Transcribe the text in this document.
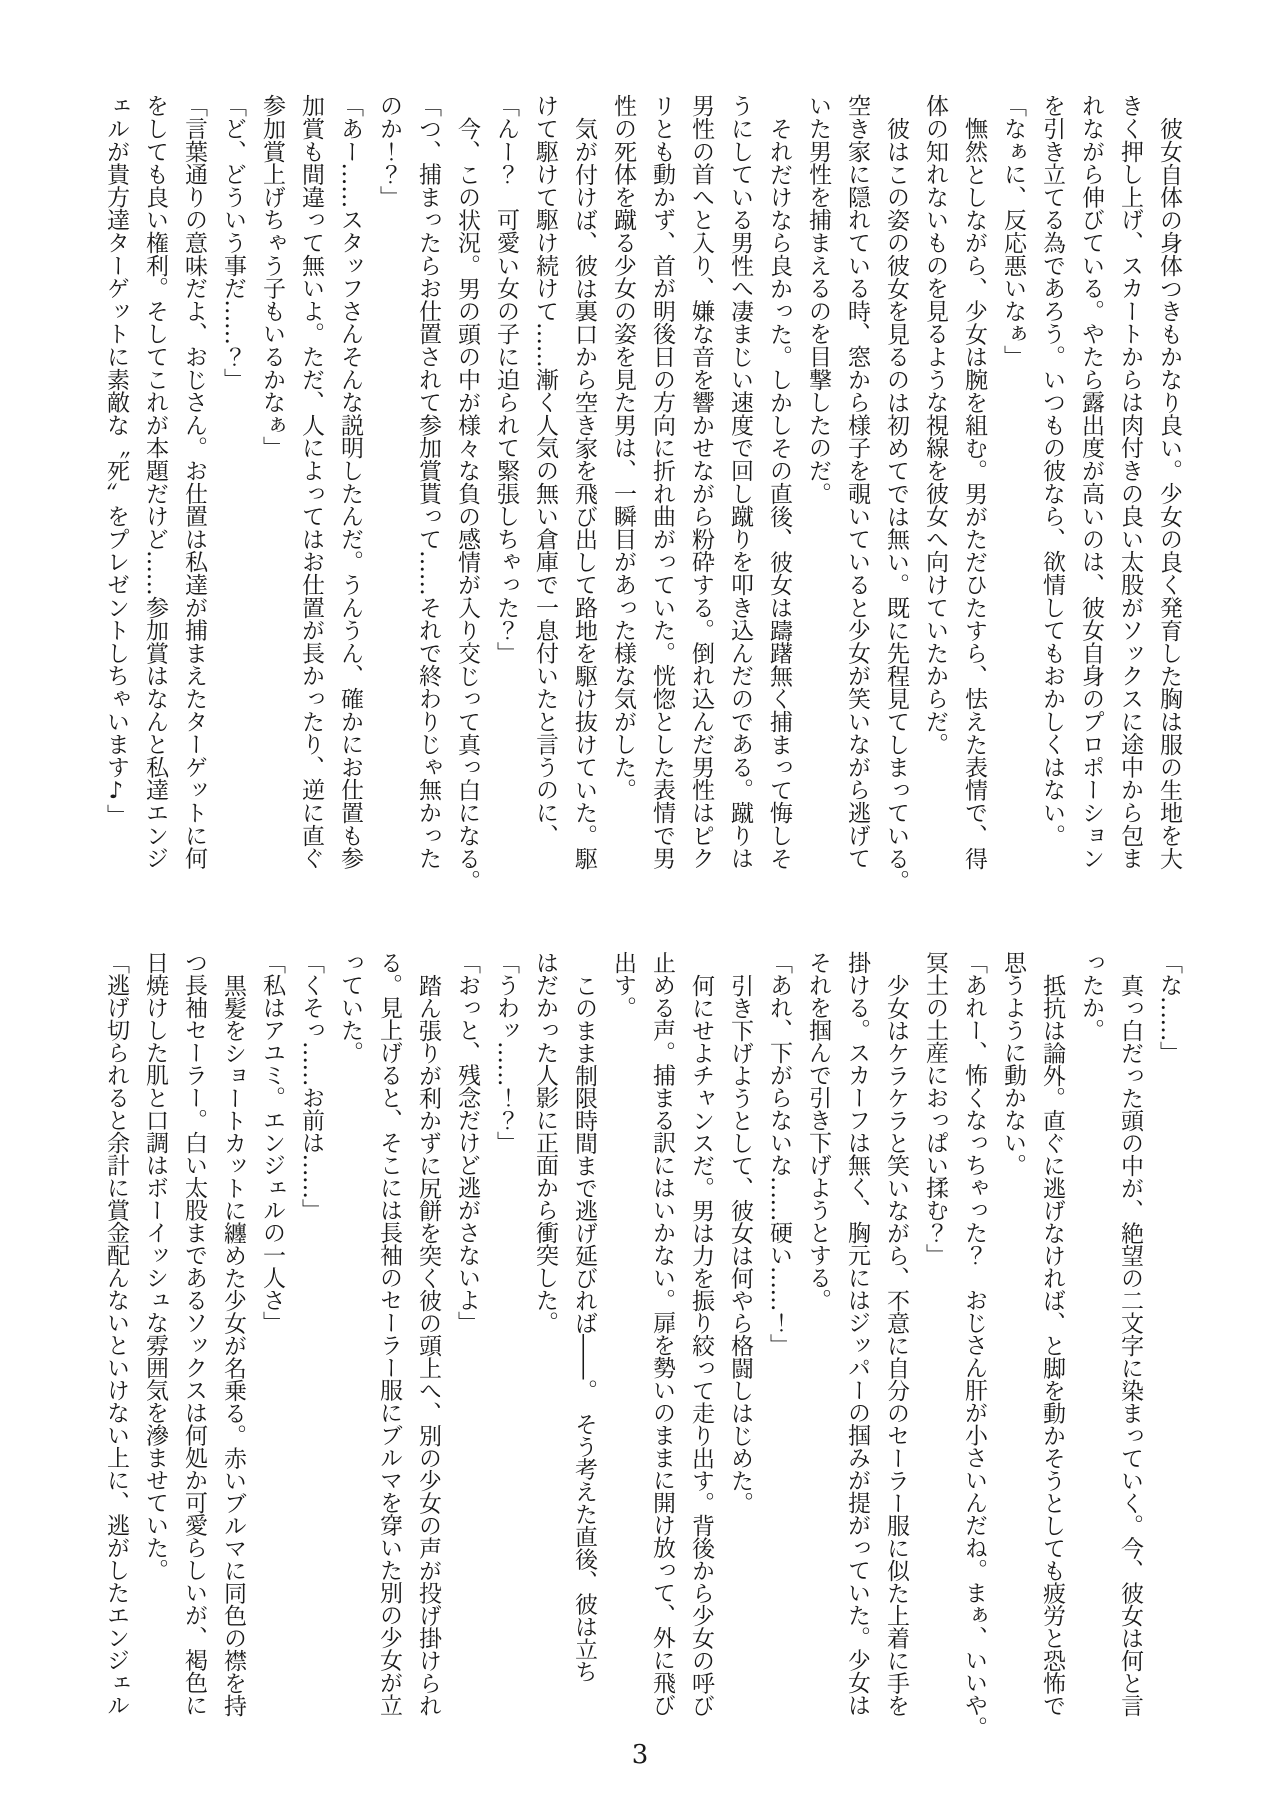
彼女自体の身体つきもかなり良い。少女の良く発育した胸は服の生地を大

きく押し上げ、スカートからは肉付きの良い太股がソックスに途中から包ま

れながら伸びている。やたら露出度が高いのは、彼女自身のプロポーション

を引き立てる為であろう。いつもの彼なら、欲情してもおかしくはない。

「なぁに、反応悪いなぁ」

憮然としながら、少女は腕を組む。男がただひたすら、怯えた表情で、得

体の知れないものを見るような視線を彼女へ向けていたからだ。

彼はこの姿の彼女を見るのは初めてでは無い。既に先程見てしまっている。

空き家に隠れている時、窓から様子を覗いていると少女が笑いながら逃げて

いた男性を捕まえるのを目撃したのだ。

それだけなら良かった。しかしその直後、彼女は躊躇無く捕まって悔しそ

うにしている男性へ凄まじい速度で回し蹴りを叩き込んだのである。蹴りは

男性の首へと入り、嫌な音を響かせながら粉砕する。倒れ込んだ男性はピク

リとも動かず、首が明後日の方向に折れ曲がっていた。恍惚とした表情で男

性の死体を蹴る少女の姿を見た男は、一瞬目があった様な気がした。

気が付けば、彼は裏口から空き家を飛び出して路地を駆け抜けていた。駆

けて駆けて駆け続けて……漸く人気の無い倉庫で一息付いたと言うのに、

「んー？　可愛い女の子に迫られて緊張しちゃった？」

今、この状況。男の頭の中が様々な負の感情が入り交じって真っ白になる。

「つ、捕まったらお仕置されて参加賞貰って……それで終わりじゃ無かった

のか！？」

「あー……スタッフさんそんな説明したんだ。うんうん、確かにお仕置も参

加賞も間違って無いよ。ただ、人によってはお仕置が長かったり、逆に直ぐ

参加賞上げちゃう子もいるかなぁ」

「ど、どういう事だ……？」

「言葉通りの意味だよ、おじさん。お仕置は私達が捕まえたターゲットに何

をしても良い権利。そしてこれが本題だけど……参加賞はなんと私達エンジ

ェルが貴方達ターゲットに素敵な〝死〟をプレゼントしちゃいます♪」

「な……」

真っ白だった頭の中が、絶望の二文字に染まっていく。今、彼女は何と言

ったか。

抵抗は論外。直ぐに逃げなければ、と脚を動かそうとしても疲労と恐怖で

思うように動かない。

「あれー、怖くなっちゃった？　おじさん肝が小さいんだね。まぁ、いいや。

冥土の土産におっぱい揉む？」

少女はケラケラと笑いながら、不意に自分のセーラー服に似た上着に手を

掛ける。スカーフは無く、胸元にはジッパーの掴みが提がっていた。少女は

それを掴んで引き下げようとする。

「あれ、下がらないな……硬い……！」

引き下げようとして、彼女は何やら格闘しはじめた。

何にせよチャンスだ。男は力を振り絞って走り出す。背後から少女の呼び

止める声。捕まる訳にはいかない。扉を勢いのままに開け放って、外に飛び

出す。

このまま制限時間まで逃げ延びれば――。　そう考えた直後、彼は立ち

はだかった人影に正面から衝突した。

「うわッ……！？」

「おっと、残念だけど逃がさないよ」

踏ん張りが利かずに尻餅を突く彼の頭上へ、別の少女の声が投げ掛けられ

る。見上げると、そこには長袖のセーラー服にブルマを穿いた別の少女が立

っていた。

「くそっ……お前は……」

「私はアユミ。エンジェルの一人さ」

黒髪をショートカットに纏めた少女が名乗る。赤いブルマに同色の襟を持

つ長袖セーラー。白い太股まであるソックスは何処か可愛らしいが、褐色に

日焼けした肌と口調はボーイッシュな雰囲気を滲ませていた。

「逃げ切られると余計に賞金配んないといけない上に、逃がしたエンジェル

3
